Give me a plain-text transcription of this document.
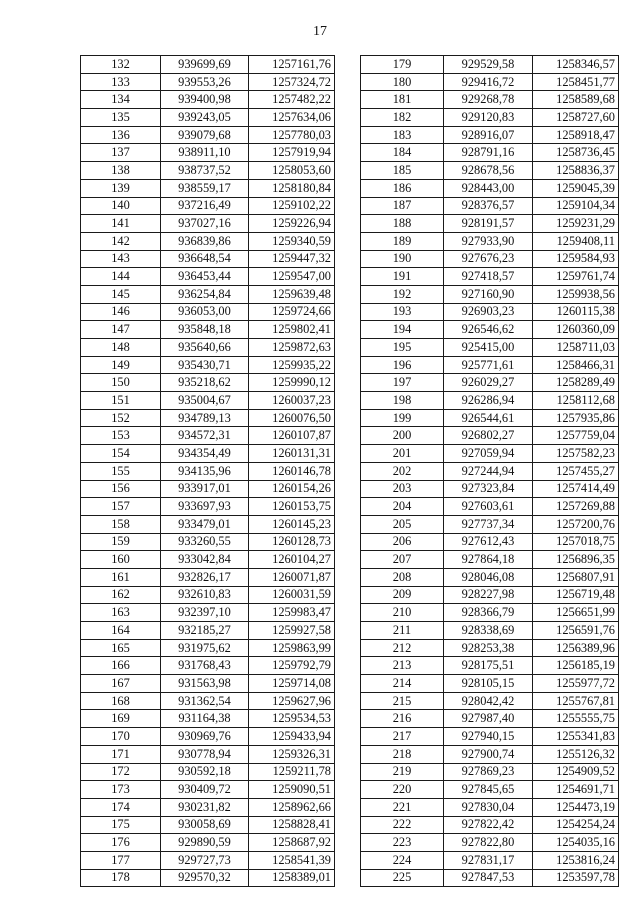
17
132	939699,69	1257161,76
133	939553,26	1257324,72
134	939400,98	1257482,22
135	939243,05	1257634,06
136	939079,68	1257780,03
137	938911,10	1257919,94
138	938737,52	1258053,60
139	938559,17	1258180,84
140	937216,49	1259102,22
141	937027,16	1259226,94
142	936839,86	1259340,59
143	936648,54	1259447,32
144	936453,44	1259547,00
145	936254,84	1259639,48
146	936053,00	1259724,66
147	935848,18	1259802,41
148	935640,66	1259872,63
149	935430,71	1259935,22
150	935218,62	1259990,12
151	935004,67	1260037,23
152	934789,13	1260076,50
153	934572,31	1260107,87
154	934354,49	1260131,31
155	934135,96	1260146,78
156	933917,01	1260154,26
157	933697,93	1260153,75
158	933479,01	1260145,23
159	933260,55	1260128,73
160	933042,84	1260104,27
161	932826,17	1260071,87
162	932610,83	1260031,59
163	932397,10	1259983,47
164	932185,27	1259927,58
165	931975,62	1259863,99
166	931768,43	1259792,79
167	931563,98	1259714,08
168	931362,54	1259627,96
169	931164,38	1259534,53
170	930969,76	1259433,94
171	930778,94	1259326,31
172	930592,18	1259211,78
173	930409,72	1259090,51
174	930231,82	1258962,66
175	930058,69	1258828,41
176	929890,59	1258687,92
177	929727,73	1258541,39
178	929570,32	1258389,01
179	929529,58	1258346,57
180	929416,72	1258451,77
181	929268,78	1258589,68
182	929120,83	1258727,60
183	928916,07	1258918,47
184	928791,16	1258736,45
185	928678,56	1258836,37
186	928443,00	1259045,39
187	928376,57	1259104,34
188	928191,57	1259231,29
189	927933,90	1259408,11
190	927676,23	1259584,93
191	927418,57	1259761,74
192	927160,90	1259938,56
193	926903,23	1260115,38
194	926546,62	1260360,09
195	925415,00	1258711,03
196	925771,61	1258466,31
197	926029,27	1258289,49
198	926286,94	1258112,68
199	926544,61	1257935,86
200	926802,27	1257759,04
201	927059,94	1257582,23
202	927244,94	1257455,27
203	927323,84	1257414,49
204	927603,61	1257269,88
205	927737,34	1257200,76
206	927612,43	1257018,75
207	927864,18	1256896,35
208	928046,08	1256807,91
209	928227,98	1256719,48
210	928366,79	1256651,99
211	928338,69	1256591,76
212	928253,38	1256389,96
213	928175,51	1256185,19
214	928105,15	1255977,72
215	928042,42	1255767,81
216	927987,40	1255555,75
217	927940,15	1255341,83
218	927900,74	1255126,32
219	927869,23	1254909,52
220	927845,65	1254691,71
221	927830,04	1254473,19
222	927822,42	1254254,24
223	927822,80	1254035,16
224	927831,17	1253816,24
225	927847,53	1253597,78
